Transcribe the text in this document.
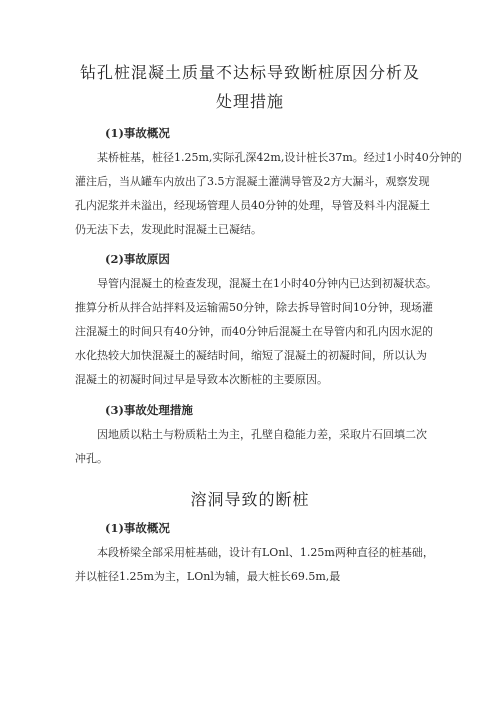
钻孔桩混凝土质量不达标导致断桩原因分析及
处理措施
(1)事故概况
某桥桩基，桩径1.25m,实际孔深42m,设计桩长37m。经过1小时40分钟的
灌注后，当从罐车内放出了3.5方混凝土灌满导管及2方大漏斗，观察发现
孔内泥浆并未溢出，经现场管理人员40分钟的处理，导管及料斗内混凝土
仍无法下去，发现此时混凝土已凝结。
(2)事故原因
导管内混凝土的检查发现，混凝土在1小时40分钟内已达到初凝状态。
推算分析从拌合站拌料及运输需50分钟，除去拆导管时间10分钟，现场灌
注混凝土的时间只有40分钟，而40分钟后混凝土在导管内和孔内因水泥的
水化热较大加快混凝土的凝结时间，缩短了混凝土的初凝时间，所以认为
混凝土的初凝时间过早是导致本次断桩的主要原因。
(3)事故处理措施
因地质以粘土与粉质粘土为主，孔壁自稳能力差，采取片石回填二次
冲孔。
溶洞导致的断桩
(1)事故概况
本段桥梁全部采用桩基础，设计有LOnl、1.25m两种直径的桩基础，
并以桩径1.25m为主，LOnl为辅，最大桩长69.5m,最
